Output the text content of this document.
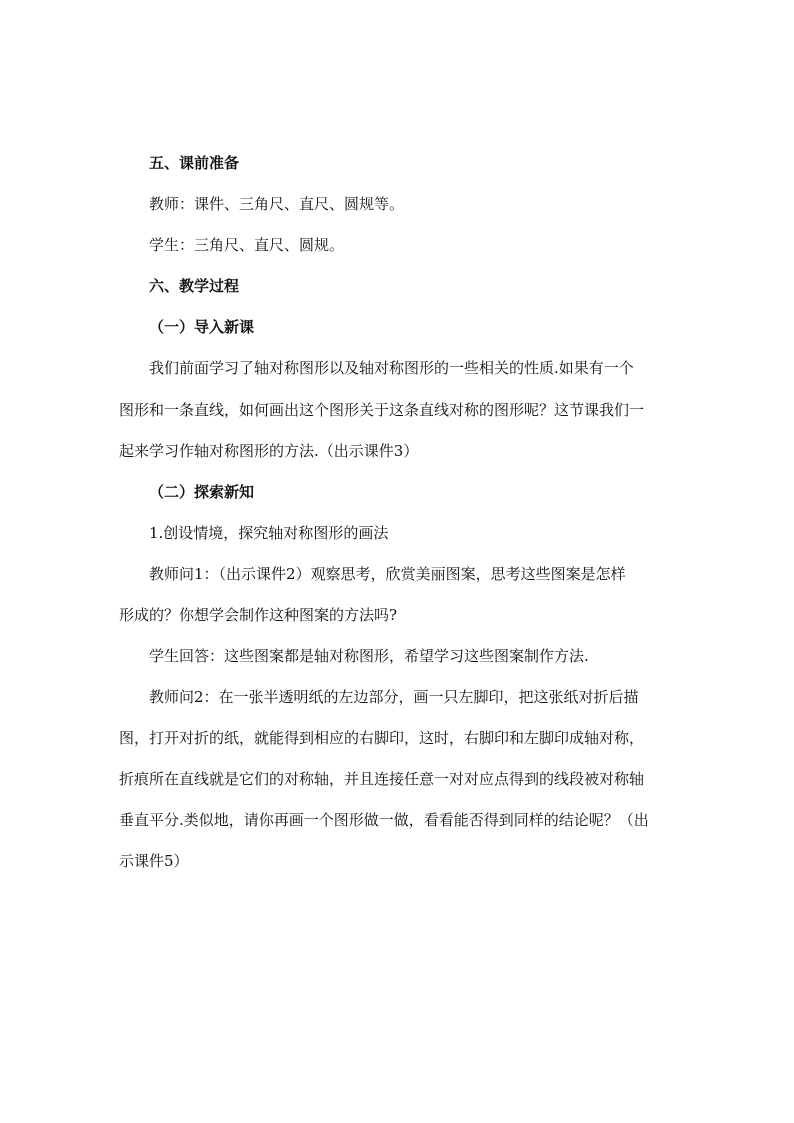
五、课前准备
教师：课件、三角尺、直尺、圆规等。
学生：三角尺、直尺、圆规。
六、教学过程
（一）导入新课
我们前面学习了轴对称图形以及轴对称图形的一些相关的性质.如果有一个
图形和一条直线，如何画出这个图形关于这条直线对称的图形呢？这节课我们一
起来学习作轴对称图形的方法.（出示课件3）
（二）探索新知
1.创设情境，探究轴对称图形的画法
教师问1：（出示课件2）观察思考，欣赏美丽图案，思考这些图案是怎样
形成的？你想学会制作这种图案的方法吗?
学生回答：这些图案都是轴对称图形，希望学习这些图案制作方法.
教师问2：在一张半透明纸的左边部分，画一只左脚印，把这张纸对折后描
图，打开对折的纸，就能得到相应的右脚印，这时，右脚印和左脚印成轴对称，
折痕所在直线就是它们的对称轴，并且连接任意一对对应点得到的线段被对称轴
垂直平分.类似地，请你再画一个图形做一做，看看能否得到同样的结论呢？（出
示课件5）
